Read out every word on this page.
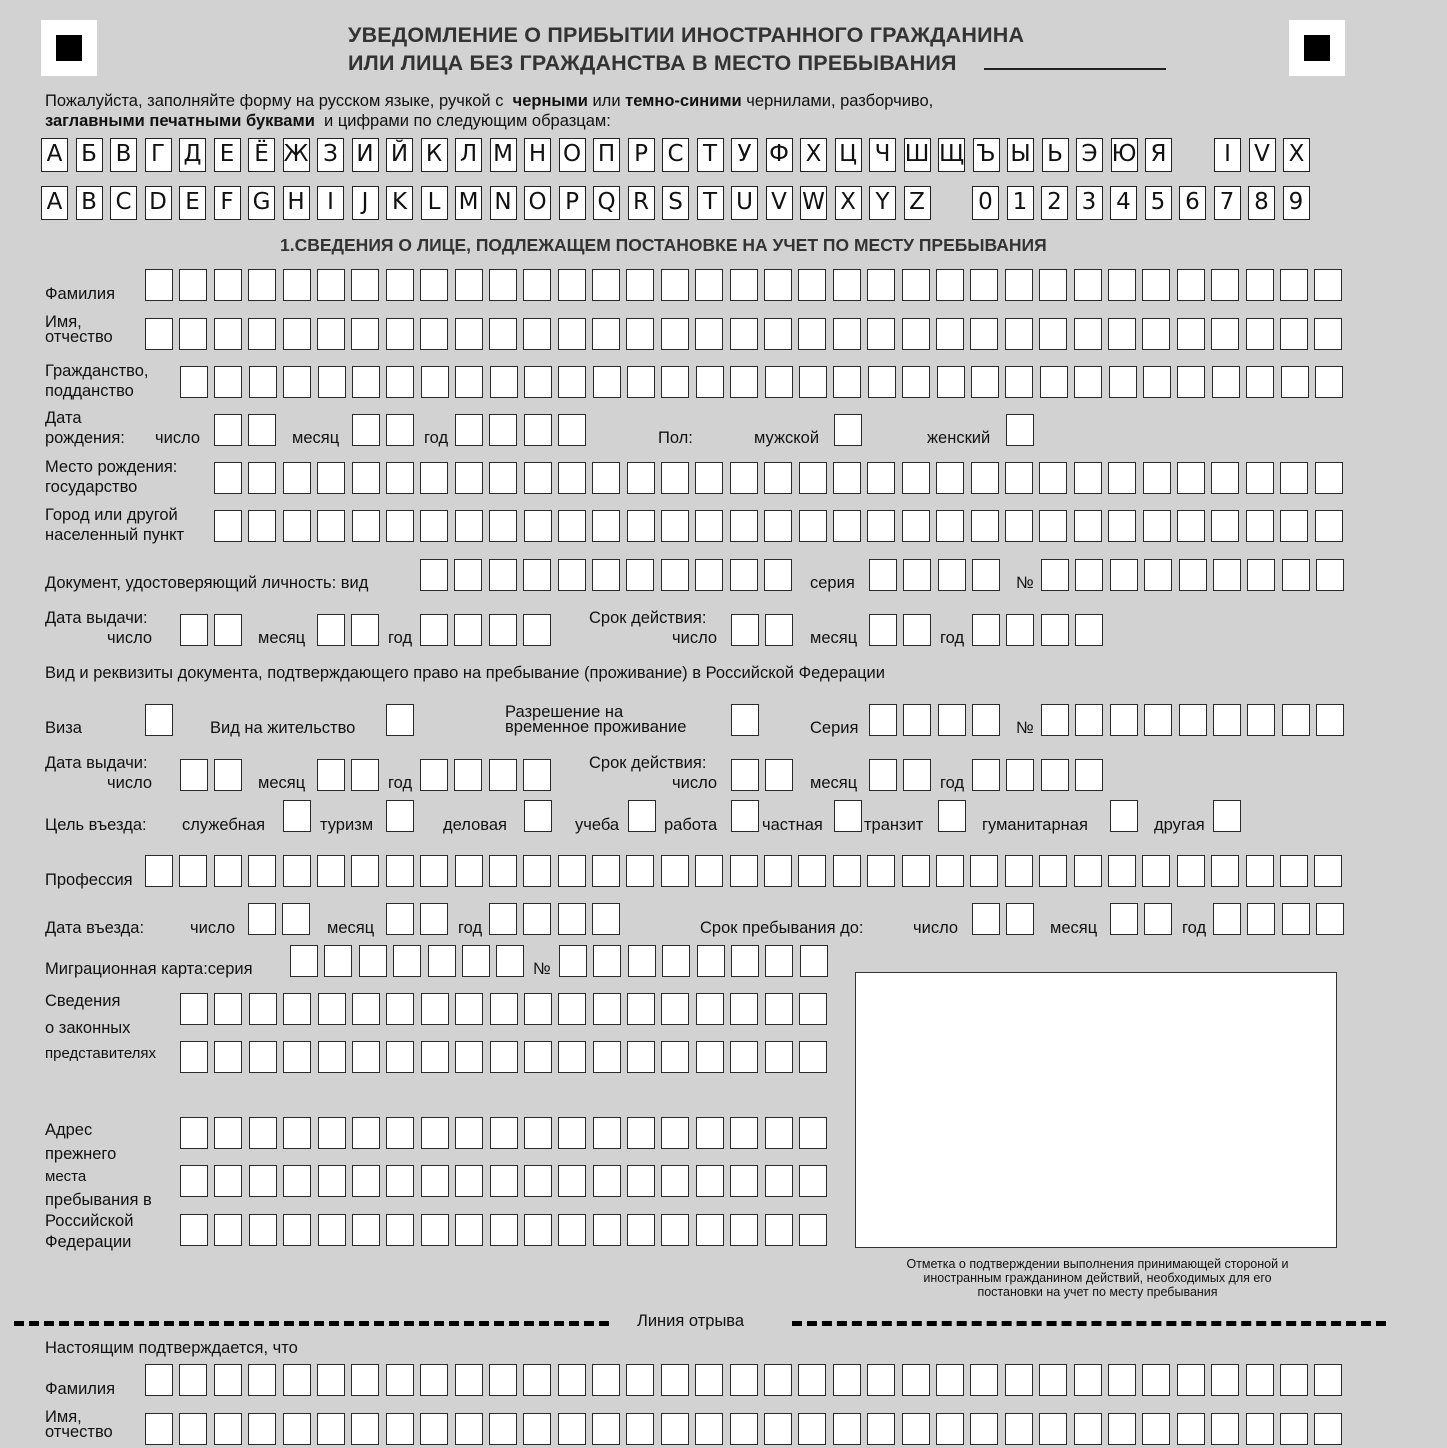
УВЕДОМЛЕНИЕ О ПРИБЫТИИ ИНОСТРАННОГО ГРАЖДАНИНА
ИЛИ ЛИЦА БЕЗ ГРАЖДАНСТВА В МЕСТО ПРЕБЫВАНИЯ
Пожалуйста, заполняйте форму на русском языке, ручкой с черными или темно-синими чернилами, разборчиво,
заглавными печатными буквами и цифрами по следующим образцам:
А Б В Г Д Е Ё Ж З И Й К Л М Н О П Р С Т У Ф Х Ц Ч Ш Щ Ъ Ы Ь Э Ю Я	I	V X
A B C D E F G H I	J	K L M N O P Q R S T U V W X Y Z 0 1 2 3 4 5 6 7 8 9
1.СВЕДЕНИЯ О ЛИЦЕ, ПОДЛЕЖАЩЕМ ПОСТАНОВКЕ НА УЧЕТ ПО МЕСТУ ПРЕБЫВАНИЯ
Фамилия
Имя,
отчество
Гражданство,
подданство
Дата
рождения: число	месяц	год	Пол:	мужской	женский
Место рождения:
государство
Город или другой
населенный пункт
Документ, удостоверяющий личность: вид	серия	№
Дата выдачи:
число	месяц	год
Срок действия:
число	месяц	год
Вид и реквизиты документа, подтверждающего право на пребывание (проживание) в Российской Федерации
Виза	Вид на жительство
Разрешение на
временное проживание	Серия	№
Дата выдачи:
число	месяц	год
Срок действия:
число	месяц	год
Цель въезда: служебная	туризм	деловая	учеба	работа	частная транзит	гуманитарная	другая
Профессия
Дата въезда:	число	месяц	год	Срок пребывания до:	число	месяц	год
Миграционная карта:серия	№
Сведения
о законных
представителях
Адрес
прежнего
места
пребывания в
Российской
Федерации
Отметка о подтверждении выполнения принимающей стороной и иностранным гражданином действий, необходимых для его постановки на учет по месту пребывания
Линия отрыва
Настоящим подтверждается, что
Фамилия
Имя,
отчество
